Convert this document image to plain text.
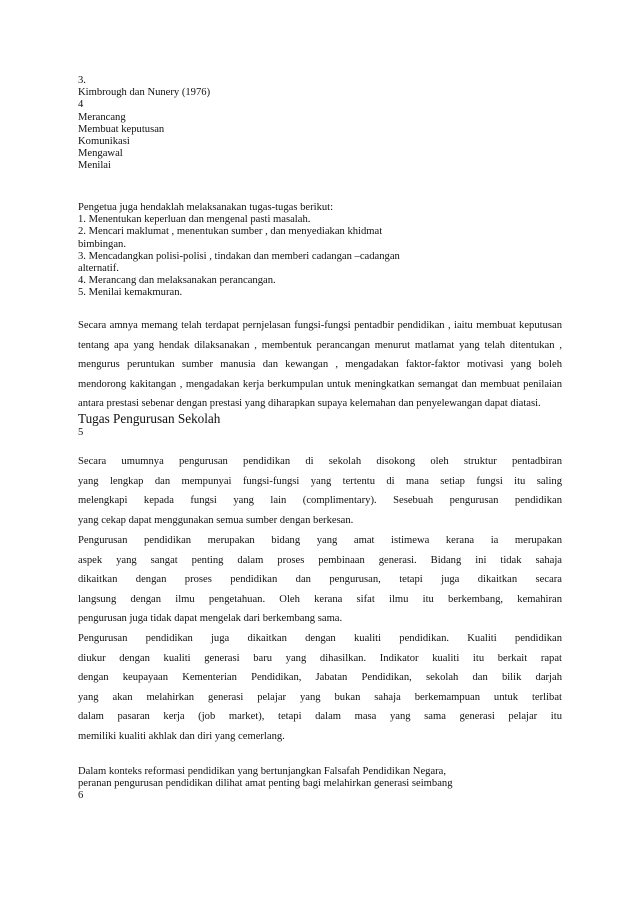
3.
Kimbrough dan Nunery (1976)
4
Merancang
Membuat keputusan
Komunikasi
Mengawal
Menilai
Pengetua juga hendaklah melaksanakan tugas-tugas berikut:
1. Menentukan keperluan dan mengenal pasti masalah.
2. Mencari maklumat , menentukan sumber , dan menyediakan khidmat
bimbingan.
3. Mencadangkan polisi-polisi , tindakan dan memberi cadangan –cadangan
alternatif.
4. Merancang dan melaksanakan perancangan.
5. Menilai kemakmuran.
Secara amnya memang telah terdapat pernjelasan fungsi-fungsi pentadbir pendidikan , iaitu membuat keputusan
tentang apa yang hendak dilaksanakan , membentuk perancangan menurut matlamat yang telah ditentukan ,
mengurus peruntukan sumber manusia dan kewangan , mengadakan faktor-faktor motivasi yang boleh
mendorong kakitangan , mengadakan kerja berkumpulan untuk meningkatkan semangat dan membuat penilaian
antara prestasi sebenar dengan prestasi yang diharapkan supaya kelemahan dan penyelewangan dapat diatasi.
Tugas Pengurusan Sekolah
5
Secara umumnya pengurusan pendidikan di sekolah disokong oleh struktur pentadbiran
yang lengkap dan mempunyai fungsi-fungsi yang tertentu di mana setiap fungsi itu saling
melengkapi kepada fungsi yang lain (complimentary). Sesebuah pengurusan pendidikan
yang cekap dapat menggunakan semua sumber dengan berkesan.
Pengurusan pendidikan merupakan bidang yang amat istimewa kerana ia merupakan
aspek yang sangat penting dalam proses pembinaan generasi. Bidang ini tidak sahaja
dikaitkan dengan proses pendidikan dan pengurusan, tetapi juga dikaitkan secara
langsung dengan ilmu pengetahuan. Oleh kerana sifat ilmu itu berkembang, kemahiran
pengurusan juga tidak dapat mengelak dari berkembang sama.
Pengurusan pendidikan juga dikaitkan dengan kualiti pendidikan. Kualiti pendidikan
diukur dengan kualiti generasi baru yang dihasilkan. Indikator kualiti itu berkait rapat
dengan keupayaan Kementerian Pendidikan, Jabatan Pendidikan, sekolah dan bilik darjah
yang akan melahirkan generasi pelajar yang bukan sahaja berkemampuan untuk terlibat
dalam pasaran kerja (job market), tetapi dalam masa yang sama generasi pelajar itu
memiliki kualiti akhlak dan diri yang cemerlang.
Dalam konteks reformasi pendidikan yang bertunjangkan Falsafah Pendidikan Negara,
peranan pengurusan pendidikan dilihat amat penting bagi melahirkan generasi seimbang
6
